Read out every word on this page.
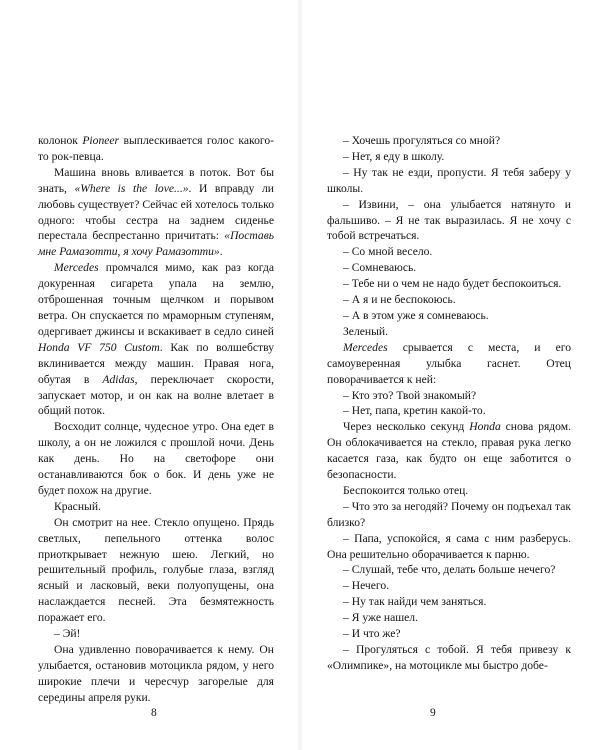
колонок Pioneer выплескивается голос какого-то рок-певца.

Машина вновь вливается в поток. Вот бы знать, «Where is the love...». И вправду ли любовь существует? Сейчас ей хотелось только одного: чтобы сестра на заднем сиденье перестала беспрестанно причитать: «Поставь мне Рамазотти, я хочу Рамазотти».

Mercedes промчался мимо, как раз когда докуренная сигарета упала на землю, отброшенная точным щелчком и порывом ветра. Он спускается по мраморным ступеням, одергивает джинсы и вскакивает в седло синей Honda VF 750 Custom. Как по волшебству вклинивается между машин. Правая нога, обутая в Adidas, переключает скорости, запускает мотор, и он как на волне влетает в общий поток.

Восходит солнце, чудесное утро. Она едет в школу, а он не ложился с прошлой ночи. День как день. Но на светофоре они останавливаются бок о бок. И день уже не будет похож на другие.

Красный.

Он смотрит на нее. Стекло опущено. Прядь светлых, пепельного оттенка волос приоткрывает нежную шею. Легкий, но решительный профиль, голубые глаза, взгляд ясный и ласковый, веки полуопущены, она наслаждается песней. Эта безмятежность поражает его.

– Эй!

Она удивленно поворачивается к нему. Он улыбается, остановив мотоцикла рядом, у него широкие плечи и чересчур загорелые для середины апреля руки.

8

– Хочешь прогуляться со мной?

– Нет, я еду в школу.

– Ну так не езди, пропусти. Я тебя заберу у школы.

– Извини, – она улыбается натянуто и фальшиво. – Я не так выразилась. Я не хочу с тобой встречаться.

– Со мной весело.

– Сомневаюсь.

– Тебе ни о чем не надо будет беспокоиться.

– А я и не беспокоюсь.

– А в этом уже я сомневаюсь.

Зеленый.

Mercedes срывается с места, и его самоуверенная улыбка гаснет. Отец поворачивается к ней:

– Кто это? Твой знакомый?

– Нет, папа, кретин какой-то.

Через несколько секунд Honda снова рядом. Он облокачивается на стекло, правая рука легко касается газа, как будто он еще заботится о безопасности.

Беспокоится только отец.

– Что это за негодяй? Почему он подъехал так близко?

– Папа, успокойся, я сама с ним разберусь. Она решительно оборачивается к парню.

– Слушай, тебе что, делать больше нечего?

– Нечего.

– Ну так найди чем заняться.

– Я уже нашел.

– И что же?

– Прогуляться с тобой. Я тебя привезу к «Олимпике», на мотоцикле мы быстро добе-

9
